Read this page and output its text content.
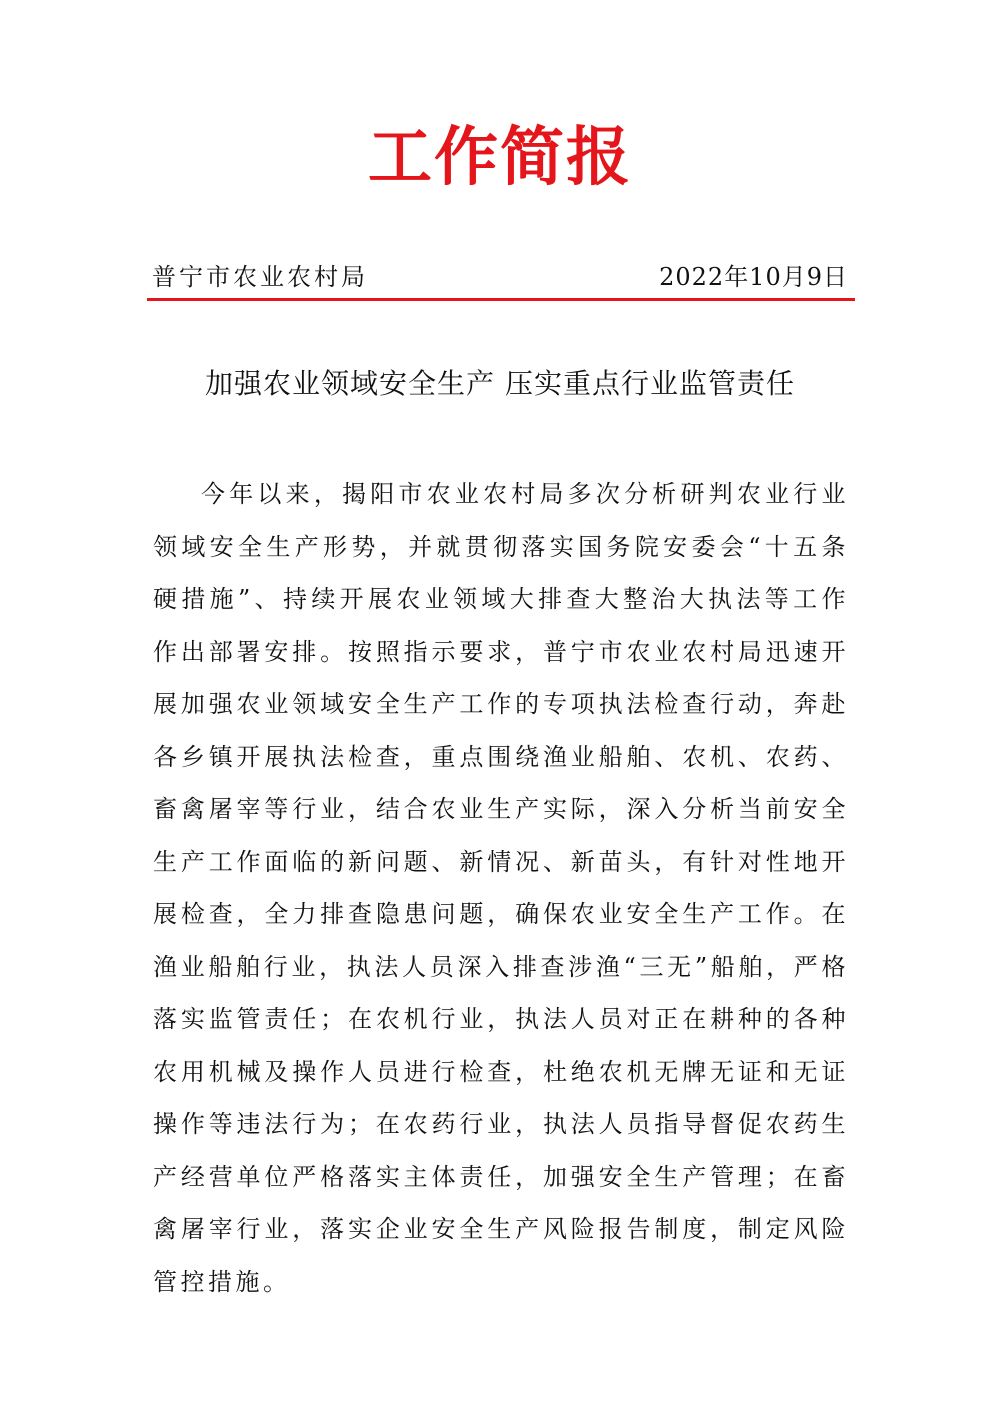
工作简报
普宁市农业农村局	2022年10月9日
加强农业领域安全生产 压实重点行业监管责任

今年以来，揭阳市农业农村局多次分析研判农业行业领域安全生产形势，并就贯彻落实国务院安委会“十五条硬措施”、持续开展农业领域大排查大整治大执法等工作作出部署安排。按照指示要求，普宁市农业农村局迅速开展加强农业领域安全生产工作的专项执法检查行动，奔赴各乡镇开展执法检查，重点围绕渔业船舶、农机、农药、畜禽屠宰等行业，结合农业生产实际，深入分析当前安全生产工作面临的新问题、新情况、新苗头，有针对性地开展检查，全力排查隐患问题，确保农业安全生产工作。在渔业船舶行业，执法人员深入排查涉渔“三无”船舶，严格落实监管责任；在农机行业，执法人员对正在耕种的各种农用机械及操作人员进行检查，杜绝农机无牌无证和无证操作等违法行为；在农药行业，执法人员指导督促农药生产经营单位严格落实主体责任，加强安全生产管理；在畜禽屠宰行业，落实企业安全生产风险报告制度，制定风险管控措施。
